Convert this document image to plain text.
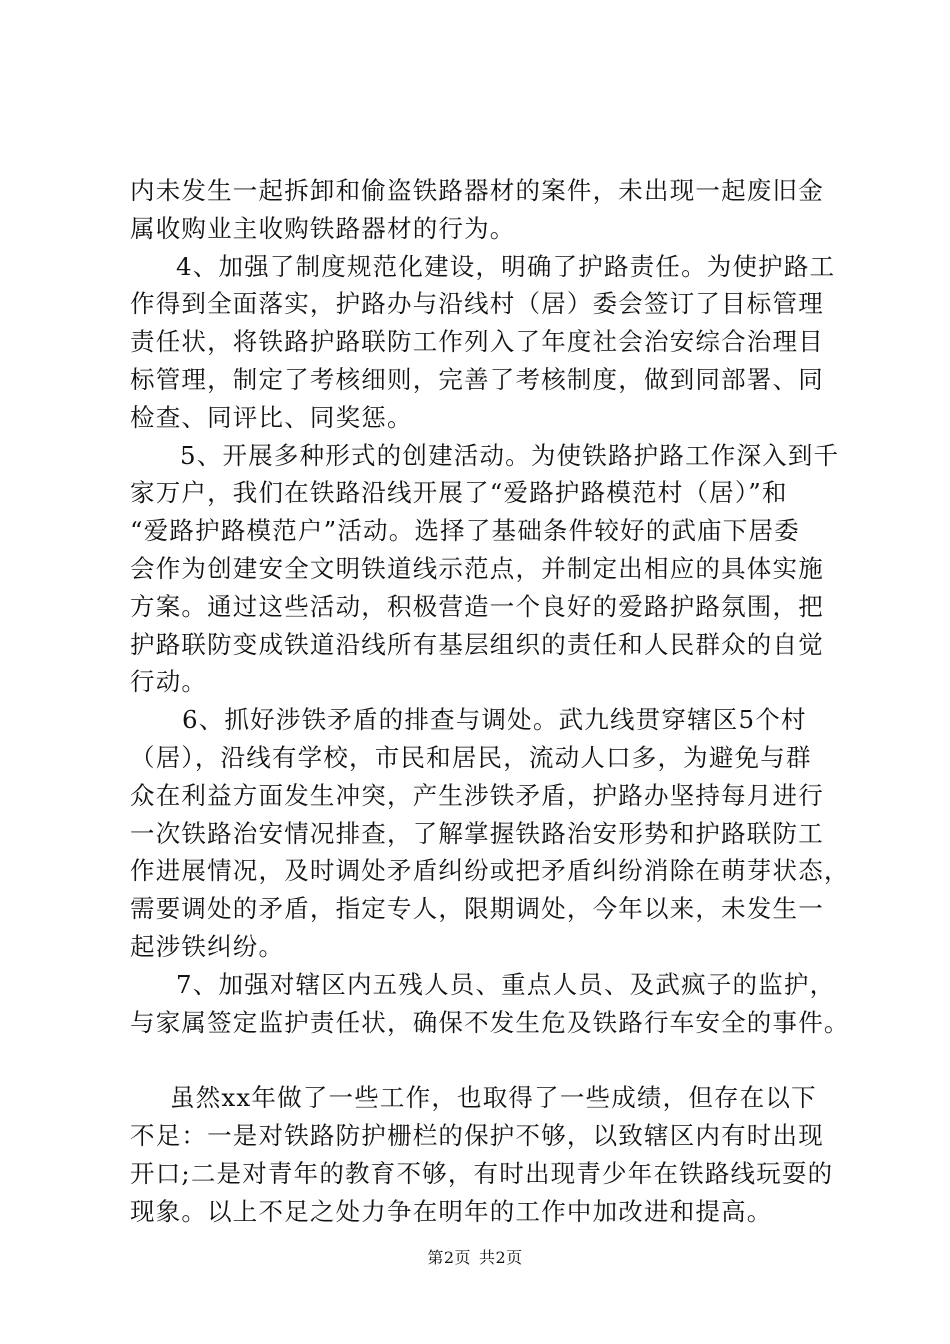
内未发生一起拆卸和偷盗铁路器材的案件，未出现一起废旧金
属收购业主收购铁路器材的行为。
4、加强了制度规范化建设，明确了护路责任。为使护路工
作得到全面落实，护路办与沿线村（居）委会签订了目标管理
责任状，将铁路护路联防工作列入了年度社会治安综合治理目
标管理，制定了考核细则，完善了考核制度，做到同部署、同
检查、同评比、同奖惩。
5、开展多种形式的创建活动。为使铁路护路工作深入到千
家万户，我们在铁路沿线开展了“爱路护路模范村（居）”和
“爱路护路模范户”活动。选择了基础条件较好的武庙下居委
会作为创建安全文明铁道线示范点，并制定出相应的具体实施
方案。通过这些活动，积极营造一个良好的爱路护路氛围，把
护路联防变成铁道沿线所有基层组织的责任和人民群众的自觉
行动。
6、抓好涉铁矛盾的排查与调处。武九线贯穿辖区5个村
（居），沿线有学校，市民和居民，流动人口多，为避免与群
众在利益方面发生冲突，产生涉铁矛盾，护路办坚持每月进行
一次铁路治安情况排查，了解掌握铁路治安形势和护路联防工
作进展情况，及时调处矛盾纠纷或把矛盾纠纷消除在萌芽状态，
需要调处的矛盾，指定专人，限期调处，今年以来，未发生一
起涉铁纠纷。
7、加强对辖区内五残人员、重点人员、及武疯子的监护，
与家属签定监护责任状，确保不发生危及铁路行车安全的事件。
虽然xx年做了一些工作，也取得了一些成绩，但存在以下
不足：一是对铁路防护栅栏的保护不够，以致辖区内有时出现
开口;二是对青年的教育不够，有时出现青少年在铁路线玩耍的
现象。以上不足之处力争在明年的工作中加改进和提高。
第2页 共2页
